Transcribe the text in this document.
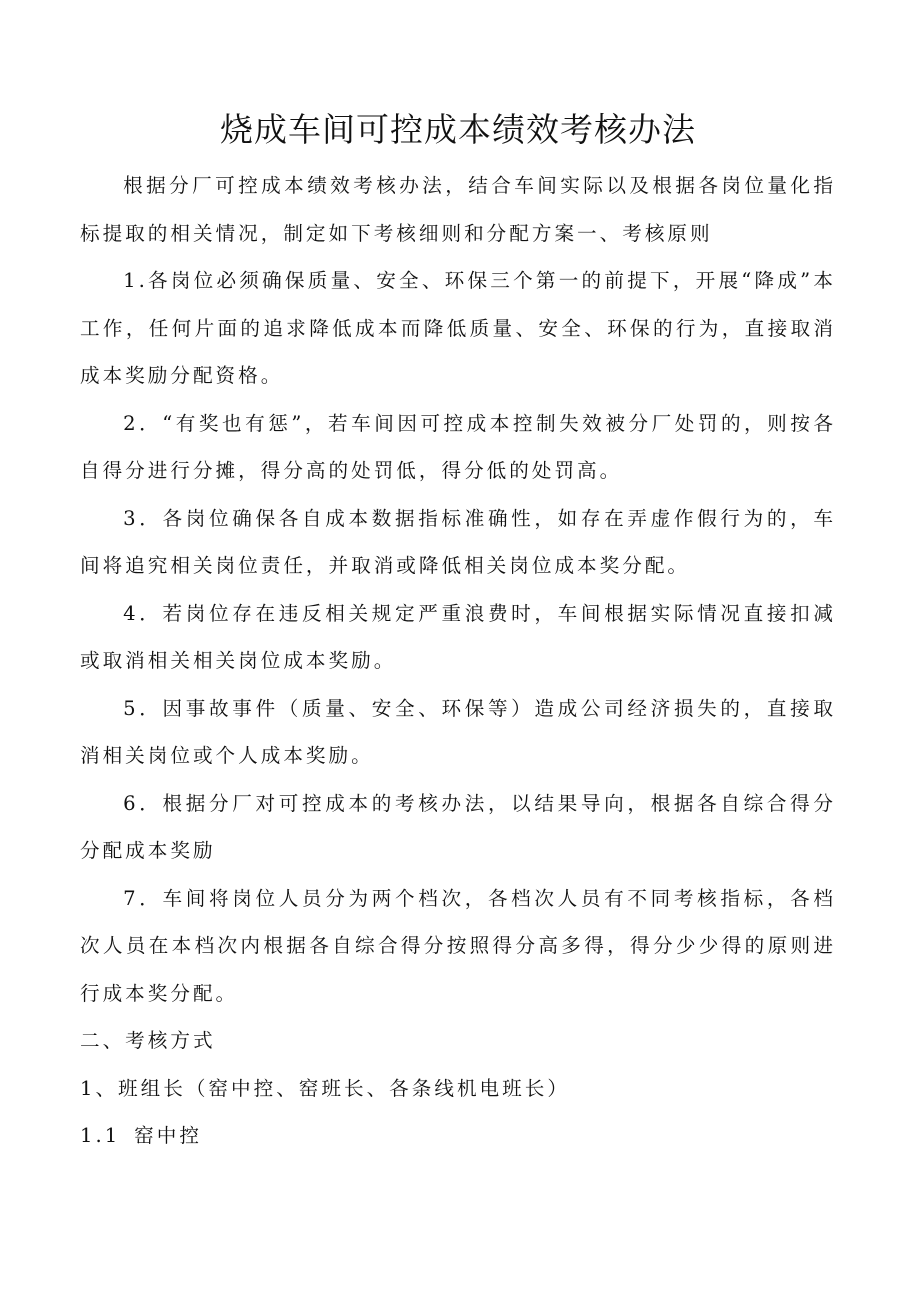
烧成车间可控成本绩效考核办法

根据分厂可控成本绩效考核办法，结合车间实际以及根据各岗位量化指标提取的相关情况，制定如下考核细则和分配方案一、考核原则

1.各岗位必须确保质量、安全、环保三个第一的前提下，开展“降成”本工作，任何片面的追求降低成本而降低质量、安全、环保的行为，直接取消成本奖励分配资格。

2．“有奖也有惩”，若车间因可控成本控制失效被分厂处罚的，则按各自得分进行分摊，得分高的处罚低，得分低的处罚高。

3．各岗位确保各自成本数据指标准确性，如存在弄虚作假行为的，车间将追究相关岗位责任，并取消或降低相关岗位成本奖分配。

4．若岗位存在违反相关规定严重浪费时，车间根据实际情况直接扣减或取消相关相关岗位成本奖励。

5．因事故事件（质量、安全、环保等）造成公司经济损失的，直接取消相关岗位或个人成本奖励。

6．根据分厂对可控成本的考核办法，以结果导向，根据各自综合得分分配成本奖励

7．车间将岗位人员分为两个档次，各档次人员有不同考核指标，各档次人员在本档次内根据各自综合得分按照得分高多得，得分少少得的原则进行成本奖分配。

二、考核方式

1、班组长（窑中控、窑班长、各条线机电班长）

1.1 窑中控
